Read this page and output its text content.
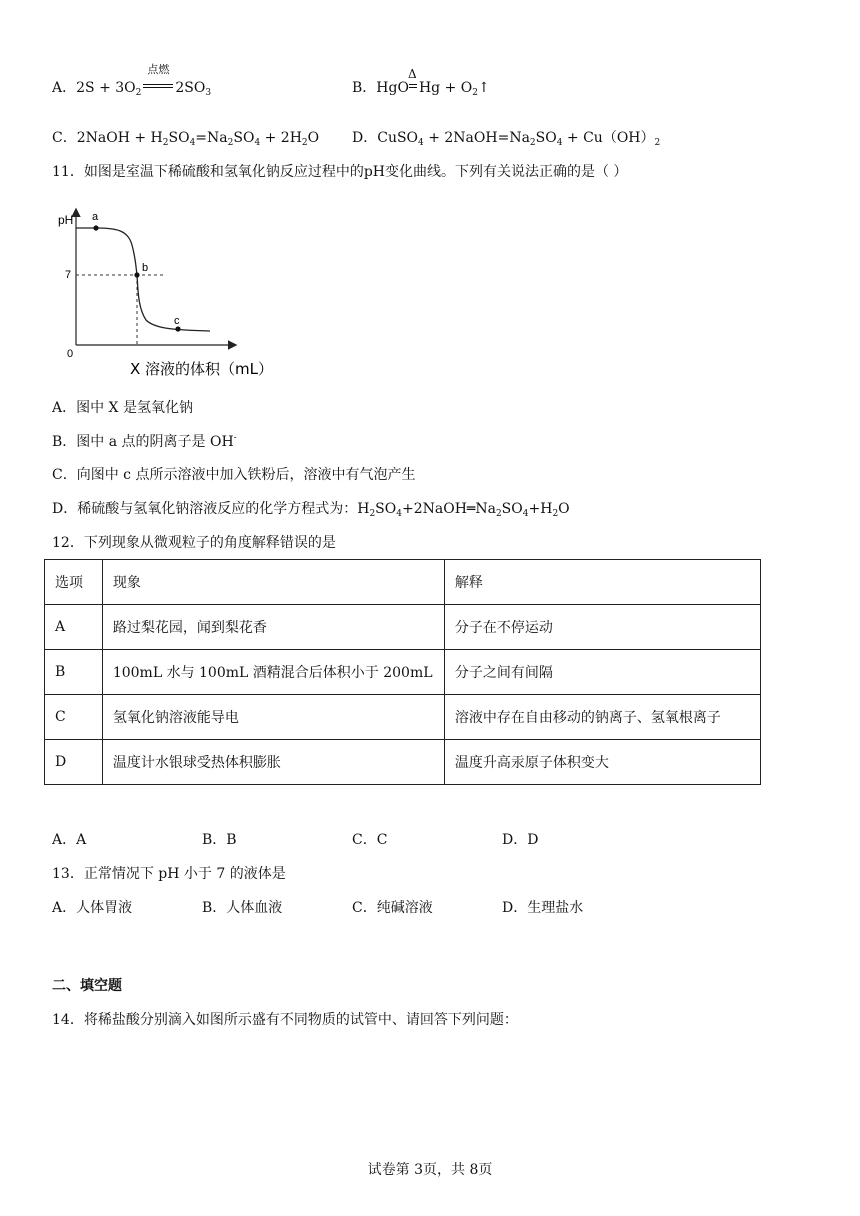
A．$2S + 3O_2$
点燃
$2SO_3$	B．HgO
Δ
$Hg + O_2↑$
C．2NaOH + $H_2SO_4=Na_2SO_4 + 2H_2O$ D．CuSO$_4$ + $2NaOH=Na_2SO_4 + Cu(OH)_2$
11．如图是室温下稀硫酸和氢氧化钠反应过程中的pH变化曲线。下列有关说法正确的是（ ）
pH
7
0
a
b
c
X 溶液的体积（mL）
A．图中 X 是氢氧化钠
B．图中 a 点的阴离子是 OH-
C．向图中 c 点所示溶液中加入铁粉后，溶液中有气泡产生
D．稀硫酸与氢氧化钠溶液反应的化学方程式为：$H_2SO_4+2NaOH═Na_2SO_4+H_2O$
12．下列现象从微观粒子的角度解释错误的是
选项	现象	解释
A	路过梨花园，闻到梨花香	分子在不停运动
B	100mL 水与 100mL 酒精混合后体积小于 200mL	分子之间有间隔
C	氢氧化钠溶液能导电	溶液中存在自由移动的钠离子、氢氧根离子
D	温度计水银球受热体积膨胀	温度升高汞原子体积变大
A．A	B．B	C．C	D．D
13．正常情况下 pH 小于 7 的液体是
A．人体胃液	B．人体血液	C．纯碱溶液	D．生理盐水
二、填空题
14．将稀盐酸分别滴入如图所示盛有不同物质的试管中、请回答下列问题：
试卷第 3页，共 8页
